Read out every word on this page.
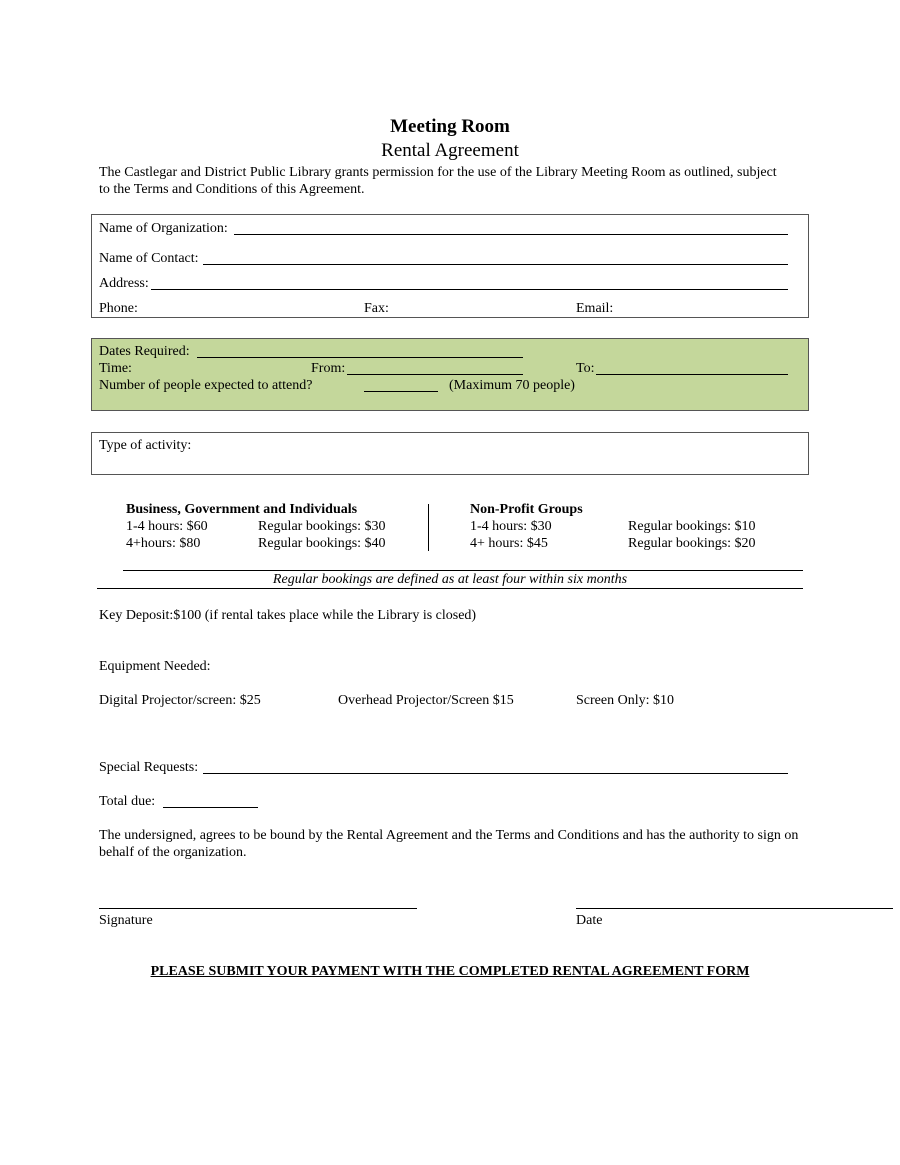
Meeting Room
Rental Agreement
The Castlegar and District Public Library grants permission for the use of the Library Meeting Room as outlined, subject to the Terms and Conditions of this Agreement.
Name of Organization:
Name of Contact:
Address:
Phone:	Fax:	Email:
Dates Required:
Time:	From:	To:
Number of people expected to attend?	(Maximum 70 people)
Type of activity:
Business, Government and Individuals
1-4 hours: $60	Regular bookings: $30
4+hours: $80	Regular bookings: $40
Non-Profit Groups
1-4 hours: $30	Regular bookings: $10
4+ hours: $45	Regular bookings: $20
Regular bookings are defined as at least four within six months
Key Deposit:$100 (if rental takes place while the Library is closed)
Equipment Needed:
Digital Projector/screen: $25	Overhead Projector/Screen $15	Screen Only: $10
Special Requests:
Total due:
The undersigned, agrees to be bound by the Rental Agreement and the Terms and Conditions and has the authority to sign on behalf of the organization.
Signature	Date
PLEASE SUBMIT YOUR PAYMENT WITH THE COMPLETED RENTAL AGREEMENT FORM
